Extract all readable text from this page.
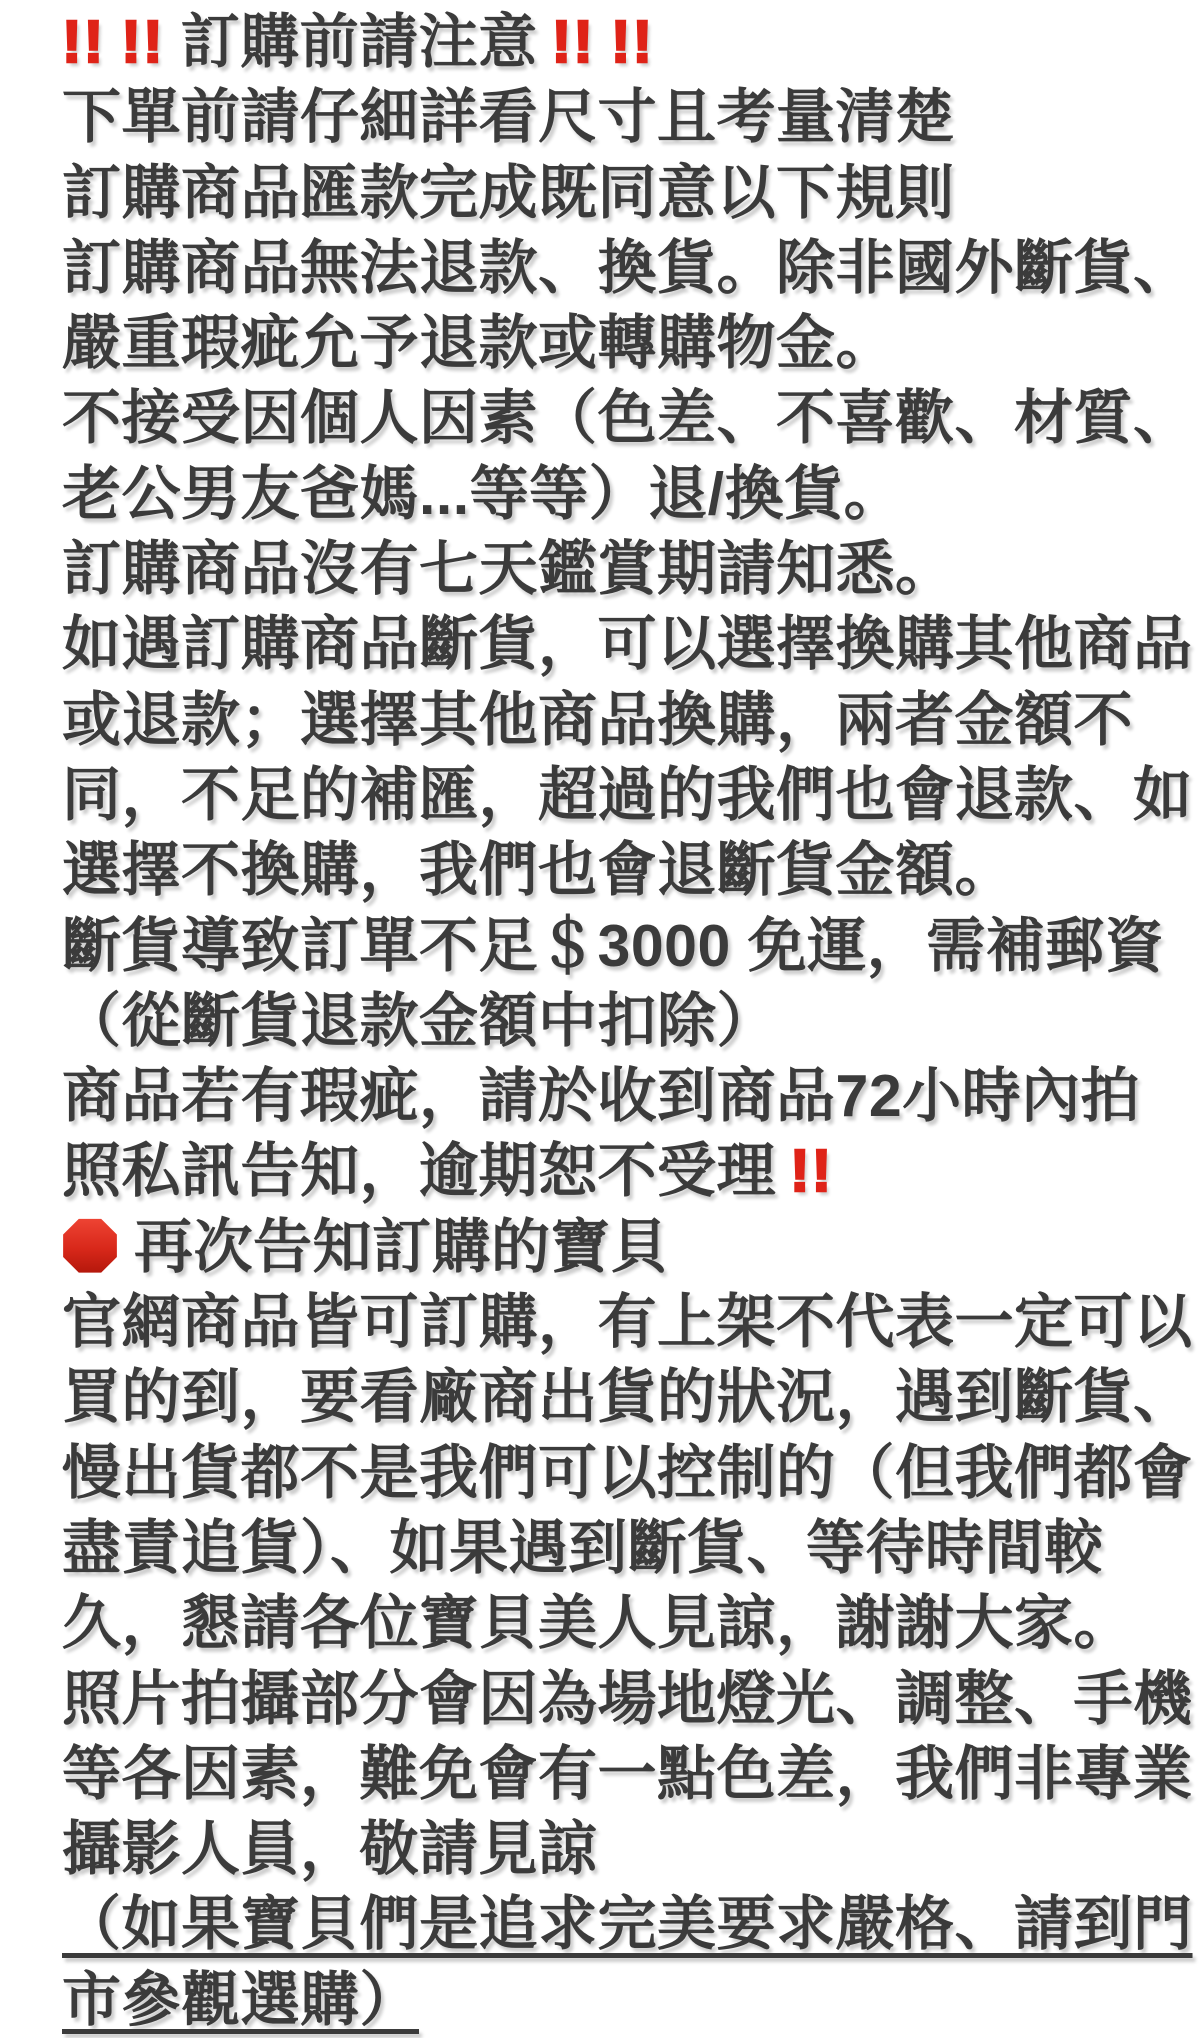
!! !! 訂購前請注意 !! !!
下單前請仔細詳看尺寸且考量清楚
訂購商品匯款完成既同意以下規則
訂購商品無法退款、換貨。除非國外斷貨、
嚴重瑕疵允予退款或轉購物金。
不接受因個人因素（色差、不喜歡、材質、
老公男友爸媽...等等）退/換貨。
訂購商品沒有七天鑑賞期請知悉。
如遇訂購商品斷貨，可以選擇換購其他商品
或退款；選擇其他商品換購，兩者金額不
同，不足的補匯，超過的我們也會退款、如
選擇不換購，我們也會退斷貨金額。
斷貨導致訂單不足＄3000 免運，需補郵資
（從斷貨退款金額中扣除）
商品若有瑕疵，請於收到商品72小時內拍
照私訊告知，逾期恕不受理 !!
再次告知訂購的寶貝
官網商品皆可訂購，有上架不代表一定可以
買的到，要看廠商出貨的狀況，遇到斷貨、
慢出貨都不是我們可以控制的（但我們都會
盡責追貨）、如果遇到斷貨、等待時間較
久，懇請各位寶貝美人見諒，謝謝大家。
照片拍攝部分會因為場地燈光、調整、手機
等各因素，難免會有一點色差，我們非專業
攝影人員，敬請見諒
（如果寶貝們是追求完美要求嚴格、請到門
市參觀選購）
